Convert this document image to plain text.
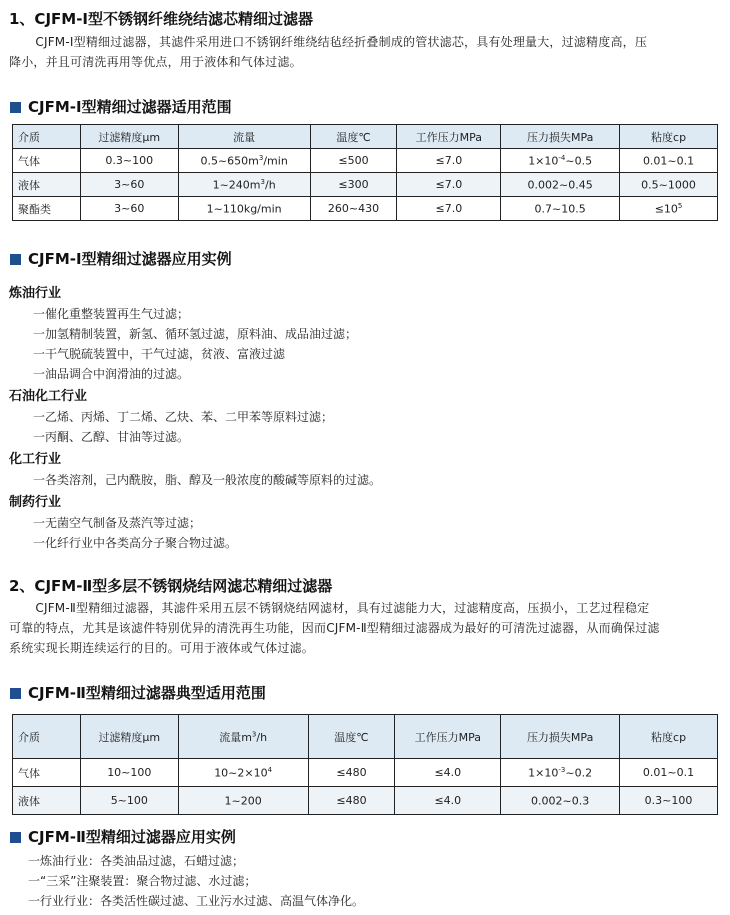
1、CJFM-Ⅰ型不锈钢纤维绕结滤芯精细过滤器
CJFM-Ⅰ型精细过滤器，其滤件采用进口不锈钢纤维绕结毡经折叠制成的管状滤芯，具有处理量大，过滤精度高，压
降小，并且可清洗再用等优点，用于液体和气体过滤。
CJFM-Ⅰ型精细过滤器适用范围
介质	过滤精度μm	流量	温度℃	工作压力MPa	压力损失MPa	粘度cp
气体	0.3~100	$0.5\sim 650m^3/\min$	≤500	≤7.0	$1\times 10^{-4}\sim 0.5$	0.01~0.1
液体	3~60	$1\sim 240m^3/h$	≤300	≤7.0	0.002~0.45	0.5~1000
聚酯类	3~60	1~110kg/min	260~430	≤7.0	0.7~10.5	$\le 10^5$
CJFM-Ⅰ型精细过滤器应用实例
炼油行业
一催化重整装置再生气过滤；
一加氢精制装置，新氢、循环氢过滤，原料油、成品油过滤；
一干气脱硫装置中，干气过滤，贫液、富液过滤
一油品调合中润滑油的过滤。
石油化工行业
一乙烯、丙烯、丁二烯、乙炔、苯、二甲苯等原料过滤；
一丙酮、乙醇、甘油等过滤。
化工行业
一各类溶剂，己内酰胺，脂、醇及一般浓度的酸碱等原料的过滤。
制药行业
一无菌空气制备及蒸汽等过滤；
一化纤行业中各类高分子聚合物过滤。
2、CJFM-Ⅱ型多层不锈钢烧结网滤芯精细过滤器
CJFM-Ⅱ型精细过滤器，其滤件采用五层不锈钢烧结网滤材，具有过滤能力大，过滤精度高，压损小，工艺过程稳定
可靠的特点，尤其是该滤件特别优异的清洗再生功能，因而CJFM-Ⅱ型精细过滤器成为最好的可清洗过滤器，从而确保过滤
系统实现长期连续运行的目的。可用于液体或气体过滤。
CJFM-Ⅱ型精细过滤器典型适用范围
介质	过滤精度μm	流量$m^3/h$	温度℃	工作压力MPa	压力损失MPa	粘度cp
气体	10~100	$10\sim 2\times 10^4$	≤480	≤4.0	$1\times 10^{-3}\sim 0.2$	0.01~0.1
液体	5~100	1~200	≤480	≤4.0	0.002~0.3	0.3~100
CJFM-Ⅱ型精细过滤器应用实例
一炼油行业：各类油品过滤，石蜡过滤；
一“三采”注聚装置：聚合物过滤、水过滤；
一行业行业：各类活性碳过滤、工业污水过滤、高温气体净化。
